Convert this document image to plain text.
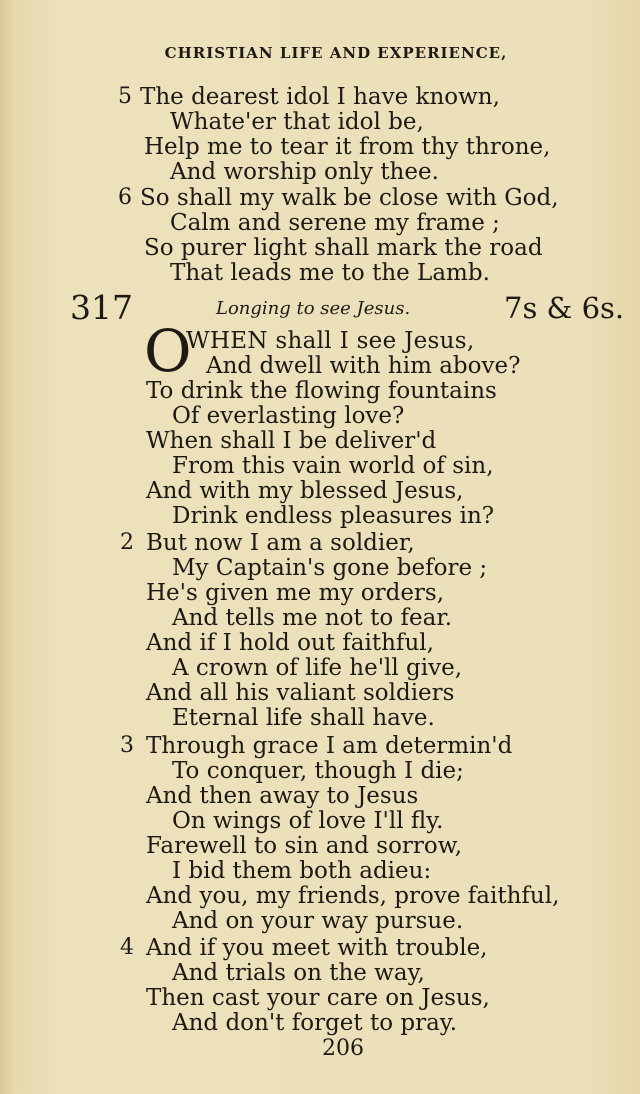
CHRISTIAN LIFE AND EXPERIENCE,
5 The dearest idol I have known,
Whate'er that idol be,
Help me to tear it from thy throne,
And worship only thee.
6 So shall my walk be close with God,
Calm and serene my frame ;
So purer light shall mark the road
That leads me to the Lamb.
317	Longing to see Jesus.	7s & 6s.
O
WHEN shall I see Jesus,
And dwell with him above?
To drink the flowing fountains
Of everlasting love?
When shall I be deliver'd
From this vain world of sin,
And with my blessed Jesus,
Drink endless pleasures in?
2 But now I am a soldier,
My Captain's gone before ;
He's given me my orders,
And tells me not to fear.
And if I hold out faithful,
A crown of life he'll give,
And all his valiant soldiers
Eternal life shall have.
3 Through grace I am determin'd
To conquer, though I die;
And then away to Jesus
On wings of love I'll fly.
Farewell to sin and sorrow,
I bid them both adieu:
And you, my friends, prove faithful,
And on your way pursue.
4 And if you meet with trouble,
And trials on the way,
Then cast your care on Jesus,
And don't forget to pray.
206
